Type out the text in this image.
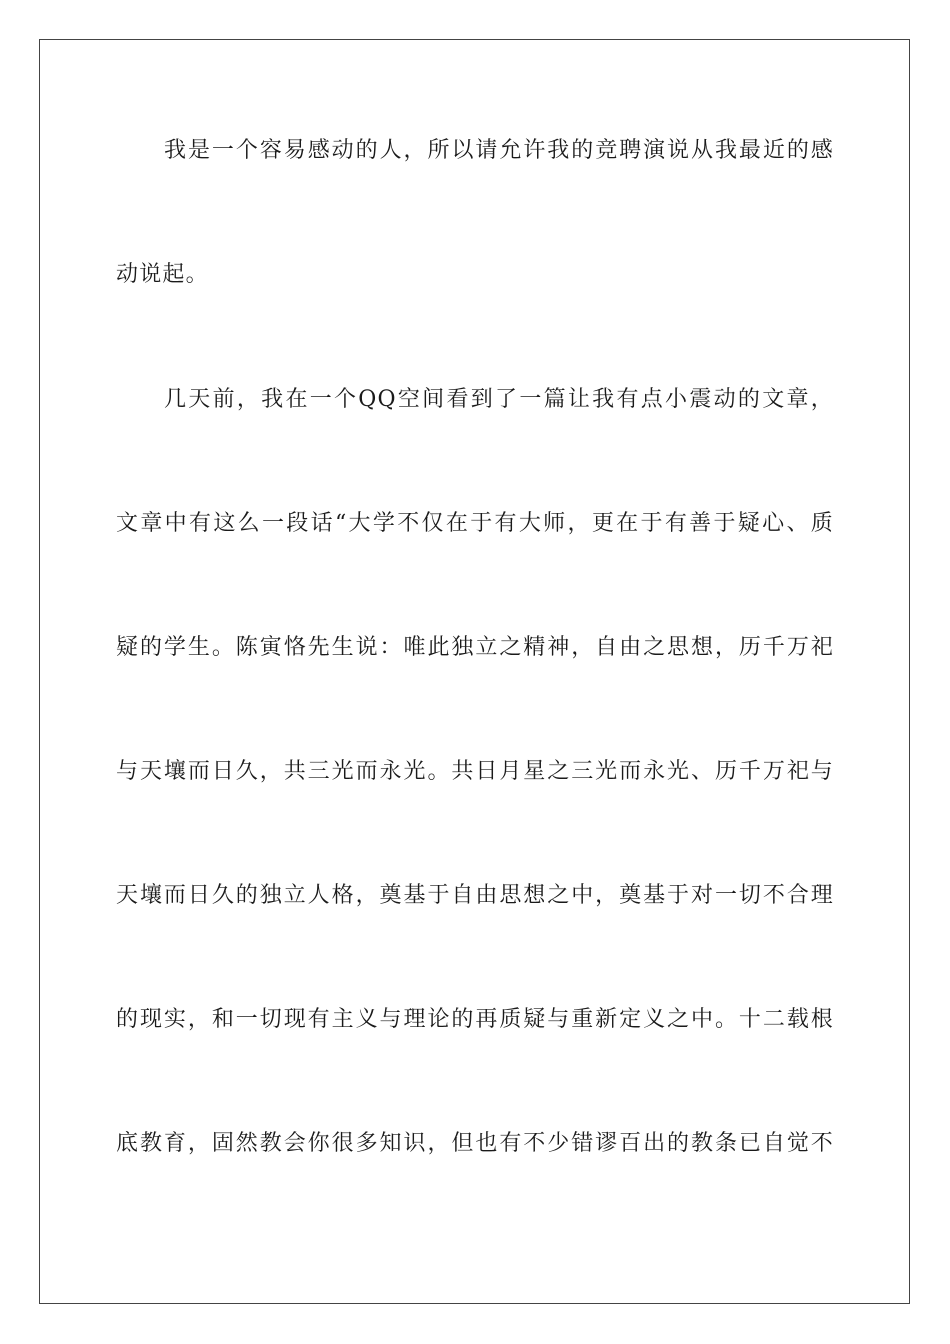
我是一个容易感动的人，所以请允许我的竞聘演说从我最近的感
动说起。
几天前，我在一个QQ空间看到了一篇让我有点小震动的文章，
文章中有这么一段话“大学不仅在于有大师，更在于有善于疑心、质
疑的学生。陈寅恪先生说：唯此独立之精神，自由之思想，历千万祀
与天壤而日久，共三光而永光。共日月星之三光而永光、历千万祀与
天壤而日久的独立人格，奠基于自由思想之中，奠基于对一切不合理
的现实，和一切现有主义与理论的再质疑与重新定义之中。十二载根
底教育，固然教会你很多知识，但也有不少错谬百出的教条已自觉不
